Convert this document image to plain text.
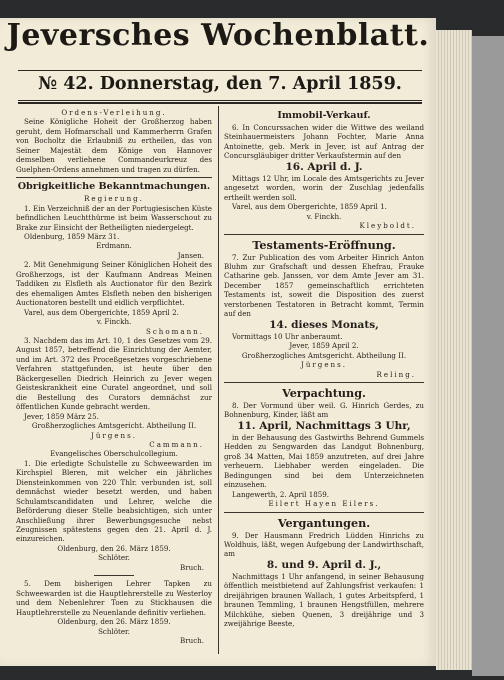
Jeversches Wochenblatt.
№ 42. Donnerstag, den 7. April 1859.

Ordens-Verleihung.

Seine Königliche Hoheit der Großherzog haben geruht, dem Hofmarschall und Kammerherrn Grafen von Bocholtz die Erlaubniß zu ertheilen, das von Seiner Majestät dem Könige von Hannover demselben verliehene Commandeurkreuz des Guelphen-Ordens annehmen und tragen zu dürfen.

Obrigkeitliche Bekanntmachungen.

Regierung.

1. Ein Verzeichniß der an der Portugiesischen Küste befindlichen Leuchtthürme ist beim Wasserschout zu Brake zur Einsicht der Betheiligten niedergelegt.

Oldenburg, 1859 März 31.

Erdmann.

Jansen.

2. Mit Genehmigung Seiner Königlichen Hoheit des Großherzogs, ist der Kaufmann Andreas Meinen Taddiken zu Elsfleth als Auctionator für den Bezirk des ehemaligen Amtes Elsfleth neben den bisherigen Auctionatoren bestellt und eidlich verpflichtet.

Varel, aus dem Obergerichte, 1859 April 2.

v. Finckh.

Schomann.

3. Nachdem das im Art. 10, 1 des Gesetzes vom 29. August 1857, betreffend die Einrichtung der Aemter, und im Art. 372 des Proceßgesetzes vorgeschriebene Verfahren stattgefunden, ist heute über den Bäckergesellen Diedrich Heinrich zu Jever wegen Geisteskrankheit eine Curatel angeordnet, und soll die Bestellung des Curators demnächst zur öffentlichen Kunde gebracht werden.

Jever, 1859 März 25.

Großherzogliches Amtsgericht. Abtheilung II.

Jürgens.

Cammann.

Evangelisches Oberschulcollegium.

1. Die erledigte Schulstelle zu Schweewarden im Kirchspiel Bleren, mit welcher ein jährliches Diensteinkommen von 220 Thlr. verbunden ist, soll demnächst wieder besetzt werden, und haben Schulamtscandidaten und Lehrer, welche die Beförderung dieser Stelle beabsichtigen, sich unter Anschließung ihrer Bewerbungsgesuche nebst Zeugnissen spätestens gegen den 21. April d. J. einzureichen.

Oldenburg, den 26. März 1859.

Schlöter.

Bruch.

5. Dem bisherigen Lehrer Tapken zu Schweewarden ist die Hauptlehrerstelle zu Westerloy und dem Nebenlehrer Toen zu Stickhausen die Hauptlehrerstelle zu Neuenlande definitiv verliehen.

Oldenburg, den 26. März 1859.

Schlöter.

Bruch.

Immobil-Verkauf.

6. In Concurssachen wider die Wittwe des weiland Steinhauermeisters Johann Fochter, Marie Anna Antoinette, geb. Merk in Jever, ist auf Antrag der Concursgläubiger dritter Verkaufstermin auf den

16. April d. J.

Mittags 12 Uhr, im Locale des Amtsgerichts zu Jever angesetzt worden, worin der Zuschlag jedenfalls ertheilt werden soll.

Varel, aus dem Obergerichte, 1859 April 1.

v. Finckh.

Kleyboldt.

Testaments-Eröffnung.

7. Zur Publication des vom Arbeiter Hinrich Anton Bluhm zur Grafschaft und dessen Ehefrau, Frauke Catharine geb. Janssen, vor dem Amte Jever am 31. December 1857 gemeinschaftlich errichteten Testaments ist, soweit die Disposition des zuerst verstorbenen Testatoren in Betracht kommt, Termin auf den

14. dieses Monats,

Vormittags 10 Uhr anberaumt.

Jever, 1859 April 2.

Großherzogliches Amtsgericht. Abtheilung II.

Jürgens.

Reling.

Verpachtung.

8. Der Vormund über weil. G. Hinrich Gerdes, zu Bohnenburg, Kinder, läßt am

11. April, Nachmittags 3 Uhr,

in der Behausung des Gastwirths Behrend Gummels Hedden zu Sengwarden das Landgut Bohnenburg, groß 34 Matten, Mai 1859 anzutreten, auf drei Jahre verheuern. Liebhaber werden eingeladen. Die Bedingungen sind bei dem Unterzeichneten einzusehen.

Langewerth, 2. April 1859.

Eilert Hayen Eilers.

Vergantungen.

9. Der Hausmann Fredrich Lüdden Hinrichs zu Woldhuis, läßt, wegen Aufgebung der Landwirthschaft, am

8. und 9. April d. J.,

Nachmittags 1 Uhr anfangend, in seiner Behausung öffentlich meistbietend auf Zahlungsfrist verkaufen: 1 dreijährigen braunen Wallach, 1 gutes Arbeitspferd, 1 braunen Temmling, 1 braunen Hengstfüllen, mehrere Milchkühe, sieben Quenen, 3 dreijährige und 3 zweijährige Beeste,
